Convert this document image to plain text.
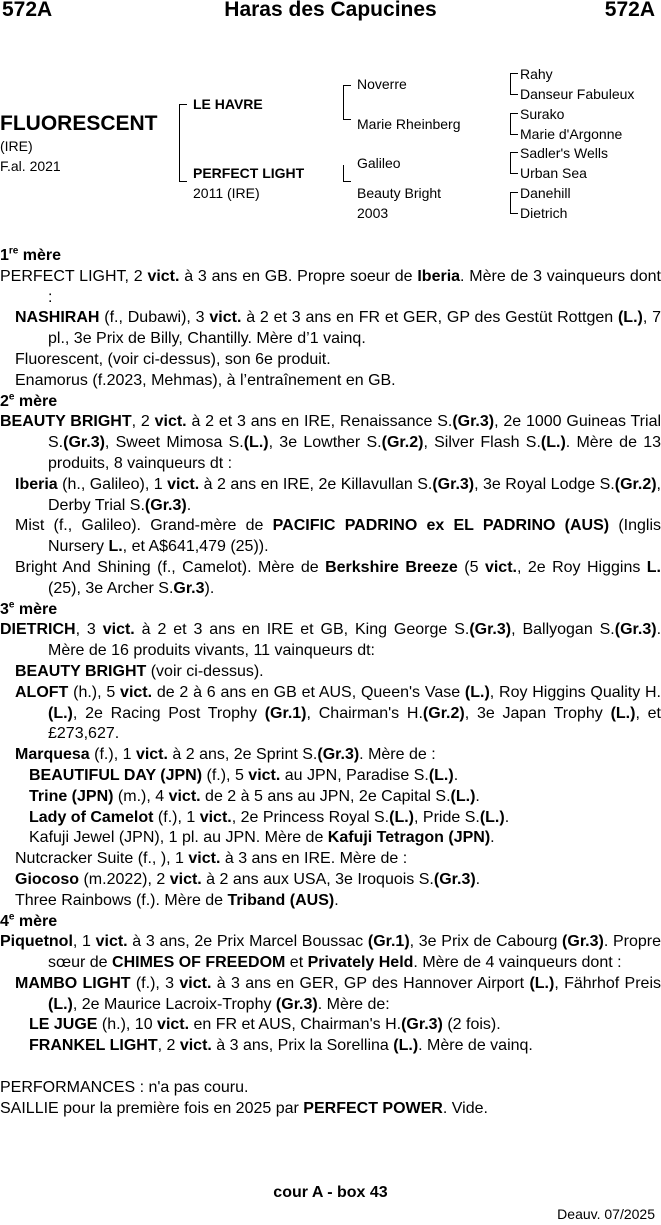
Haras des Capucines
572A	572A
FLUORESCENT
(IRE)
F.al. 2021
LE HAVRE
PERFECT LIGHT
2011 (IRE)
Noverre
Marie Rheinberg
Galileo
Beauty Bright
2003
Rahy
Danseur Fabuleux
Surako
Marie d'Argonne
Sadler's Wells
Urban Sea
Danehill
Dietrich

1re mère

PERFECT LIGHT, 2 vict. à 3 ans en GB. Propre soeur de Iberia. Mère de 3 vainqueurs dont :

NASHIRAH (f., Dubawi), 3 vict. à 2 et 3 ans en FR et GER, GP des Gestüt Rottgen (L.), 7 pl., 3e Prix de Billy, Chantilly. Mère d’1 vainq.

Fluorescent, (voir ci-dessus), son 6e produit.

Enamorus (f.2023, Mehmas), à l’entraînement en GB.

2e mère

BEAUTY BRIGHT, 2 vict. à 2 et 3 ans en IRE, Renaissance S.(Gr.3), 2e 1000 Guineas Trial S.(Gr.3), Sweet Mimosa S.(L.), 3e Lowther S.(Gr.2), Silver Flash S.(L.). Mère de 13 produits, 8 vainqueurs dt :

Iberia (h., Galileo), 1 vict. à 2 ans en IRE, 2e Killavullan S.(Gr.3), 3e Royal Lodge S.(Gr.2), Derby Trial S.(Gr.3).

Mist (f., Galileo). Grand-mère de PACIFIC PADRINO ex EL PADRINO (AUS) (Inglis Nursery L., et A$641,479 (25)).

Bright And Shining (f., Camelot). Mère de Berkshire Breeze (5 vict., 2e Roy Higgins L. (25), 3e Archer S.Gr.3).

3e mère

DIETRICH, 3 vict. à 2 et 3 ans en IRE et GB, King George S.(Gr.3), Ballyogan S.(Gr.3). Mère de 16 produits vivants, 11 vainqueurs dt:

BEAUTY BRIGHT (voir ci-dessus).

ALOFT (h.), 5 vict. de 2 à 6 ans en GB et AUS, Queen's Vase (L.), Roy Higgins Quality H.(L.), 2e Racing Post Trophy (Gr.1), Chairman's H.(Gr.2), 3e Japan Trophy (L.), et £273,627.

Marquesa (f.), 1 vict. à 2 ans, 2e Sprint S.(Gr.3). Mère de :

BEAUTIFUL DAY (JPN) (f.), 5 vict. au JPN, Paradise S.(L.).

Trine (JPN) (m.), 4 vict. de 2 à 5 ans au JPN, 2e Capital S.(L.).

Lady of Camelot (f.), 1 vict., 2e Princess Royal S.(L.), Pride S.(L.).

Kafuji Jewel (JPN), 1 pl. au JPN. Mère de Kafuji Tetragon (JPN).

Nutcracker Suite (f., ), 1 vict. à 3 ans en IRE. Mère de :

Giocoso (m.2022), 2 vict. à 2 ans aux USA, 3e Iroquois S.(Gr.3).

Three Rainbows (f.). Mère de Triband (AUS).

4e mère

Piquetnol, 1 vict. à 3 ans, 2e Prix Marcel Boussac (Gr.1), 3e Prix de Cabourg (Gr.3). Propre sœur de CHIMES OF FREEDOM et Privately Held. Mère de 4 vainqueurs dont :

MAMBO LIGHT (f.), 3 vict. à 3 ans en GER, GP des Hannover Airport (L.), Fährhof Preis (L.), 2e Maurice Lacroix-Trophy (Gr.3). Mère de:

LE JUGE (h.), 10 vict. en FR et AUS, Chairman's H.(Gr.3) (2 fois).

FRANKEL LIGHT, 2 vict. à 3 ans, Prix la Sorellina (L.). Mère de vainq.

PERFORMANCES : n'a pas couru.

SAILLIE pour la première fois en 2025 par PERFECT POWER. Vide.

cour A - box 43
Deauv. 07/2025
